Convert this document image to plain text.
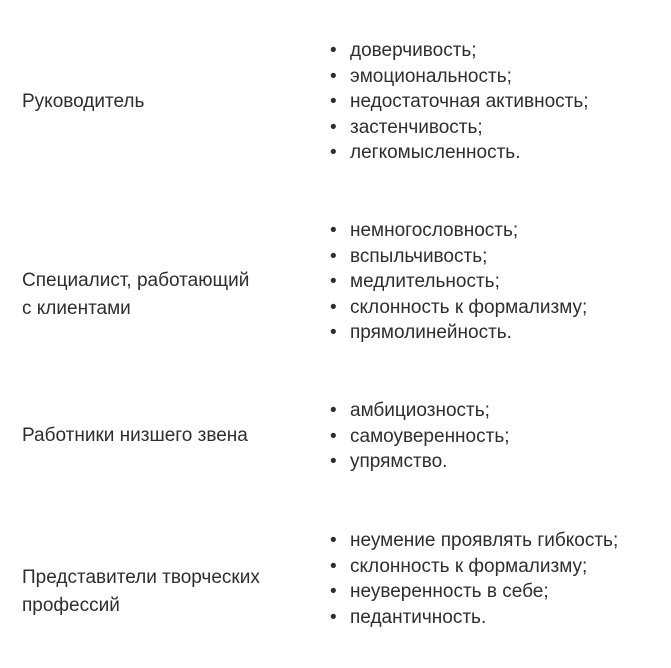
Руководитель
• доверчивость;
• эмоциональность;
• недостаточная активность;
• застенчивость;
• легкомысленность.
Специалист, работающий
с клиентами
• немногословность;
• вспыльчивость;
• медлительность;
• склонность к формализму;
• прямолинейность.
Работники низшего звена
• амбициозность;
• самоуверенность;
• упрямство.
Представители творческих
профессий
• неумение проявлять гибкость;
• склонность к формализму;
• неуверенность в себе;
• педантичность.
